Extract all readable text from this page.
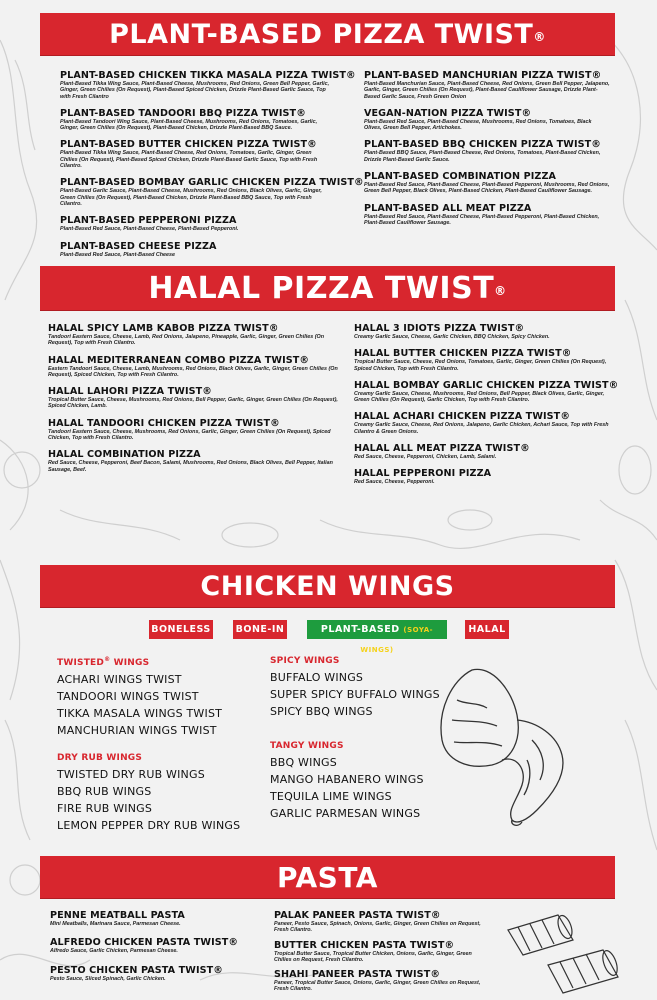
PLANT-BASED PIZZA TWIST®
PLANT-BASED CHICKEN TIKKA MASALA PIZZA TWIST®
Plant-Based Tikka Wing Sauce, Plant-Based Cheese, Mushrooms, Red Onions, Green Bell Pepper, Garlic, Ginger, Green Chilies (On Request), Plant-Based Spiced Chicken, Drizzle Plant-Based Garlic Sauce, Top with Fresh Cilantro
PLANT-BASED TANDOORI BBQ PIZZA TWIST®
Plant-Based Tandoori Wing Sauce, Plant-Based Cheese, Mushrooms, Red Onions, Tomatoes, Garlic, Ginger, Green Chilies (On Request), Plant-Based Chicken, Drizzle Plant-Based BBQ Sauce.
PLANT-BASED BUTTER CHICKEN PIZZA TWIST®
Plant-Based Tikka Wing Sauce, Plant-Based Cheese, Red Onions, Tomatoes, Garlic, Ginger, Green Chilies (On Request), Plant-Based Spiced Chicken, Drizzle Plant-Based Garlic Sauce, Top with Fresh Cilantro.
PLANT-BASED BOMBAY GARLIC CHICKEN PIZZA TWIST®
Plant-Based Garlic Sauce, Plant-Based Cheese, Mushrooms, Red Onions, Black Olives, Garlic, Ginger, Green Chilies (On Request), Plant-Based Chicken, Drizzle Plant-Based BBQ Sauce, Top with Fresh Cilantro.
PLANT-BASED PEPPERONI PIZZA
Plant-Based Red Sauce, Plant-Based Cheese, Plant-Based Pepperoni.
PLANT-BASED CHEESE PIZZA
Plant-Based Red Sauce, Plant-Based Cheese
PLANT-BASED MANCHURIAN PIZZA TWIST®
Plant-Based Manchurian Sauce, Plant-Based Cheese, Red Onions, Green Bell Pepper, Jalapeno, Garlic, Ginger, Green Chilies (On Request), Plant-Based Cauliflower Sausage, Drizzle Plant-Based Garlic Sauce, Fresh Green Onion
VEGAN-NATION PIZZA TWIST®
Plant-Based Red Sauce, Plant-Based Cheese, Mushrooms, Red Onions, Tomatoes, Black Olives, Green Bell Pepper, Artichokes.
PLANT-BASED BBQ CHICKEN PIZZA TWIST®
Plant-Based BBQ Sauce, Plant-Based Cheese, Red Onions, Tomatoes, Plant-Based Chicken, Drizzle Plant-Based Garlic Sauce.
PLANT-BASED COMBINATION PIZZA
Plant-Based Red Sauce, Plant-Based Cheese, Plant-Based Pepperoni, Mushrooms, Red Onions, Green Bell Pepper, Black Olives, Plant-Based Chicken, Plant-Based Cauliflower Sausage.
PLANT-BASED ALL MEAT PIZZA
Plant-Based Red Sauce, Plant-Based Cheese, Plant-Based Pepperoni, Plant-Based Chicken, Plant-Based Cauliflower Sausage.
HALAL PIZZA TWIST®
HALAL SPICY LAMB KABOB PIZZA TWIST®
Tandoori Eastern Sauce, Cheese, Lamb, Red Onions, Jalapeno, Pineapple, Garlic, Ginger, Green Chilies (On Request), Top with Fresh Cilantro.
HALAL MEDITERRANEAN COMBO PIZZA TWIST®
Eastern Tandoori Sauce, Cheese, Lamb, Mushrooms, Red Onions, Black Olives, Garlic, Ginger, Green Chilies (On Request), Spiced Chicken, Top with Fresh Cilantro.
HALAL LAHORI PIZZA TWIST®
Tropical Butter Sauce, Cheese, Mushrooms, Red Onions, Bell Pepper, Garlic, Ginger, Green Chilies (On Request), Spiced Chicken, Lamb.
HALAL TANDOORI CHICKEN PIZZA TWIST®
Tandoori Eastern Sauce, Cheese, Mushrooms, Red Onions, Garlic, Ginger, Green Chilies (On Request), Spiced Chicken, Top with Fresh Cilantro.
HALAL COMBINATION PIZZA
Red Sauce, Cheese, Pepperoni, Beef Bacon, Salami, Mushrooms, Red Onions, Black Olives, Bell Pepper, Italian Sausage, Beef.
HALAL 3 IDIOTS PIZZA TWIST®
Creamy Garlic Sauce, Cheese, Garlic Chicken, BBQ Chicken, Spicy Chicken.
HALAL BUTTER CHICKEN PIZZA TWIST®
Tropical Butter Sauce, Cheese, Red Onions, Tomatoes, Garlic, Ginger, Green Chilies (On Request), Spiced Chicken, Top with Fresh Cilantro.
HALAL BOMBAY GARLIC CHICKEN PIZZA TWIST®
Creamy Garlic Sauce, Cheese, Mushrooms, Red Onions, Bell Pepper, Black Olives, Garlic, Ginger, Green Chilies (On Request), Garlic Chicken, Top with Fresh Cilantro.
HALAL ACHARI CHICKEN PIZZA TWIST®
Creamy Garlic Sauce, Cheese, Red Onions, Jalapeno, Garlic Chicken, Achari Sauce, Top with Fresh Cilantro & Green Onions.
HALAL ALL MEAT PIZZA TWIST®
Red Sauce, Cheese, Pepperoni, Chicken, Lamb, Salami.
HALAL PEPPERONI PIZZA
Red Sauce, Cheese, Pepperoni.
CHICKEN WINGS
BONELESS	BONE-IN	PLANT-BASED (SOYA-WINGS)
HALAL
TWISTED® WINGS
ACHARI WINGS TWIST
TANDOORI WINGS TWIST
TIKKA MASALA WINGS TWIST
MANCHURIAN WINGS TWIST
DRY RUB WINGS
TWISTED DRY RUB WINGS
BBQ RUB WINGS
FIRE RUB WINGS
LEMON PEPPER DRY RUB WINGS
SPICY WINGS
BUFFALO WINGS
SUPER SPICY BUFFALO WINGS
SPICY BBQ WINGS
TANGY WINGS
BBQ WINGS
MANGO HABANERO WINGS
TEQUILA LIME WINGS
GARLIC PARMESAN WINGS
PASTA
PENNE MEATBALL PASTA
Mini Meatballs, Marinara Sauce, Parmesan Cheese.
ALFREDO CHICKEN PASTA TWIST®
Alfredo Sauce, Garlic Chicken, Parmesan Cheese.
PESTO CHICKEN PASTA TWIST®
Pesto Sauce, Sliced Spinach, Garlic Chicken.
PALAK PANEER PASTA TWIST®
Paneer, Pesto Sauce, Spinach, Onions, Garlic, Ginger, Green Chilies on Request, Fresh Cilantro.
BUTTER CHICKEN PASTA TWIST®
Tropical Butter Sauce, Tropical Butter Chicken, Onions, Garlic, Ginger, Green Chilies on Request, Fresh Cilantro.
SHAHI PANEER PASTA TWIST®
Paneer, Tropical Butter Sauce, Onions, Garlic, Ginger, Green Chilies on Request, Fresh Cilantro.
